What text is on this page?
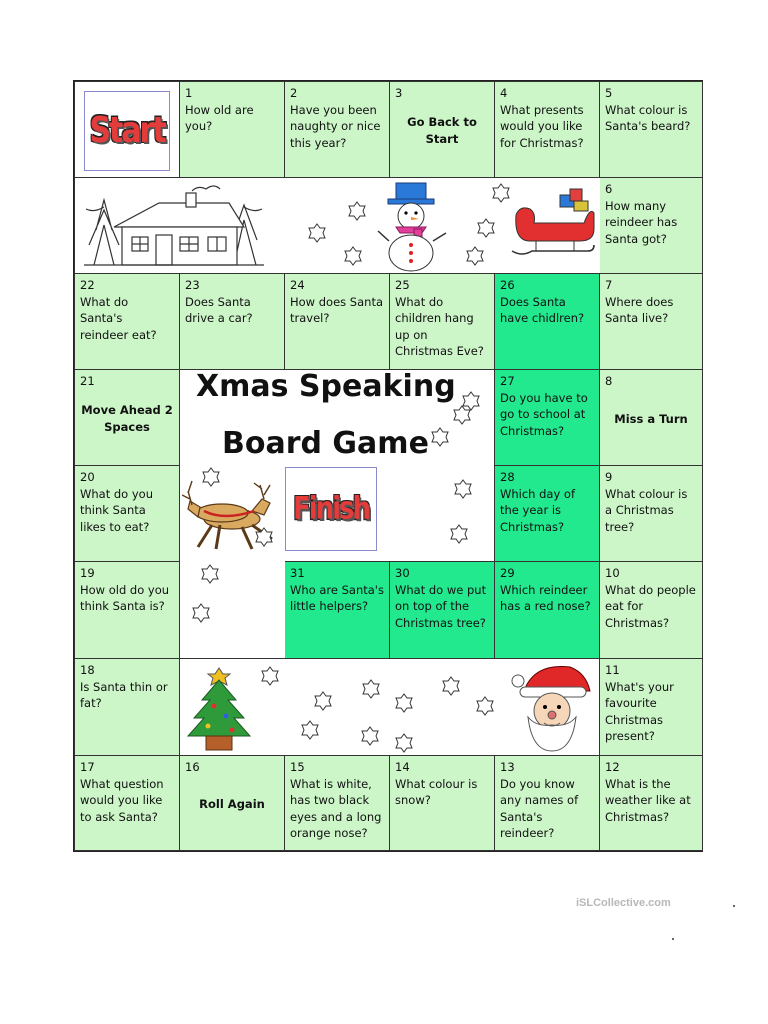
Start
1
How old are you?
2
Have you been naughty or nice this year?
3
Go Back to Start
4
What presents would you like for Christmas?
5
What colour is Santa's beard?
6
How many reindeer has Santa got?
7
Where does Santa live?
8
Miss a Turn
9
What colour is a Christmas tree?
10
What do people eat for Christmas?
11
What's your favourite Christmas present?
12
What is the weather like at Christmas?
13
Do you know any names of Santa's reindeer?
14
What colour is snow?
15
What is white, has two black eyes and a long orange nose?
16
Roll Again
17
What question would you like to ask Santa?
18
Is Santa thin or fat?
19
How old do you think Santa is?
20
What do you think Santa likes to eat?
21
Move Ahead 2 Spaces
22
What do Santa's reindeer eat?
23
Does Santa drive a car?
24
How does Santa travel?
25
What do children hang up on Christmas Eve?
26
Does Santa have chidlren?
27
Do you have to go to school at Christmas?
28
Which day of the year is Christmas?
29
Which reindeer has a red nose?
30
What do we put on top of the Christmas tree?
31
Who are Santa's little helpers?
Xmas Speaking
Board Game
Finish
iSLCollective.com
